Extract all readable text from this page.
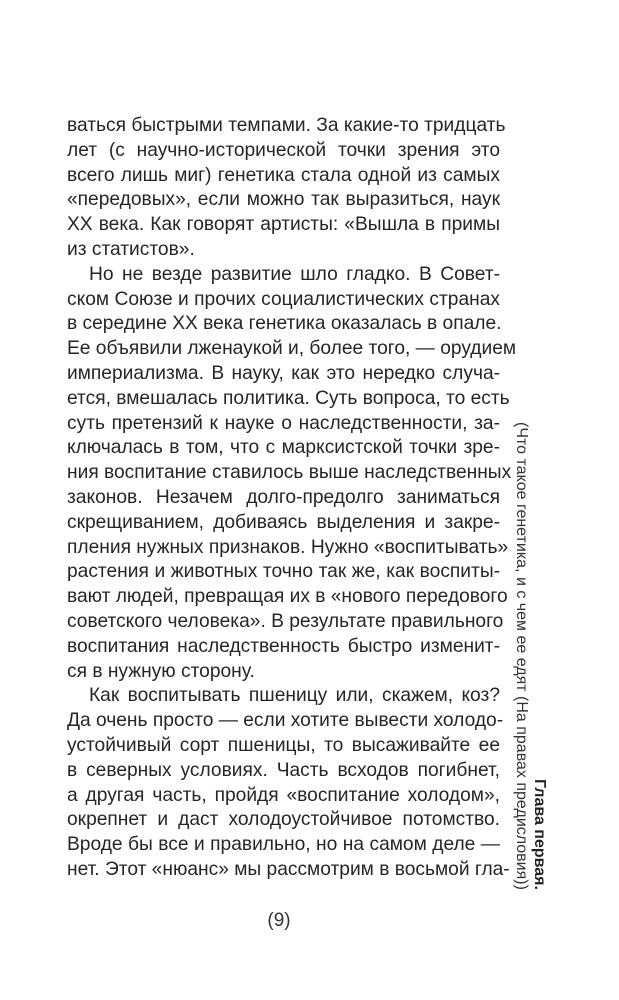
ваться быстрыми темпами. За какие-то тридцать
лет (с научно-исторической точки зрения это
всего лишь миг) генетика стала одной из самых
«передовых», если можно так выразиться, наук
XX века. Как говорят артисты: «Вышла в примы
из статистов».
Но не везде развитие шло гладко. В Совет-
ском Союзе и прочих социалистических странах
в середине XX века генетика оказалась в опале.
Ее объявили лженаукой и, более того, — орудием
империализма. В науку, как это нередко случа-
ется, вмешалась политика. Суть вопроса, то есть
суть претензий к науке о наследственности, за-
ключалась в том, что с марксистской точки зре-
ния воспитание ставилось выше наследственных
законов. Незачем долго-предолго заниматься
скрещиванием, добиваясь выделения и закре-
пления нужных признаков. Нужно «воспитывать»
растения и животных точно так же, как воспиты-
вают людей, превращая их в «нового передового
советского человека». В результате правильного
воспитания наследственность быстро изменит-
ся в нужную сторону.
Как воспитывать пшеницу или, скажем, коз?
Да очень просто — если хотите вывести холодо-
устойчивый сорт пшеницы, то высаживайте ее
в северных условиях. Часть всходов погибнет,
а другая часть, пройдя «воспитание холодом»,
окрепнет и даст холодоустойчивое потомство.
Вроде бы все и правильно, но на самом деле —
нет. Этот «нюанс» мы рассмотрим в восьмой гла-
(9)
Глава первая.
(Что такое генетика, и с чем ее едят (На правах предисловия))
